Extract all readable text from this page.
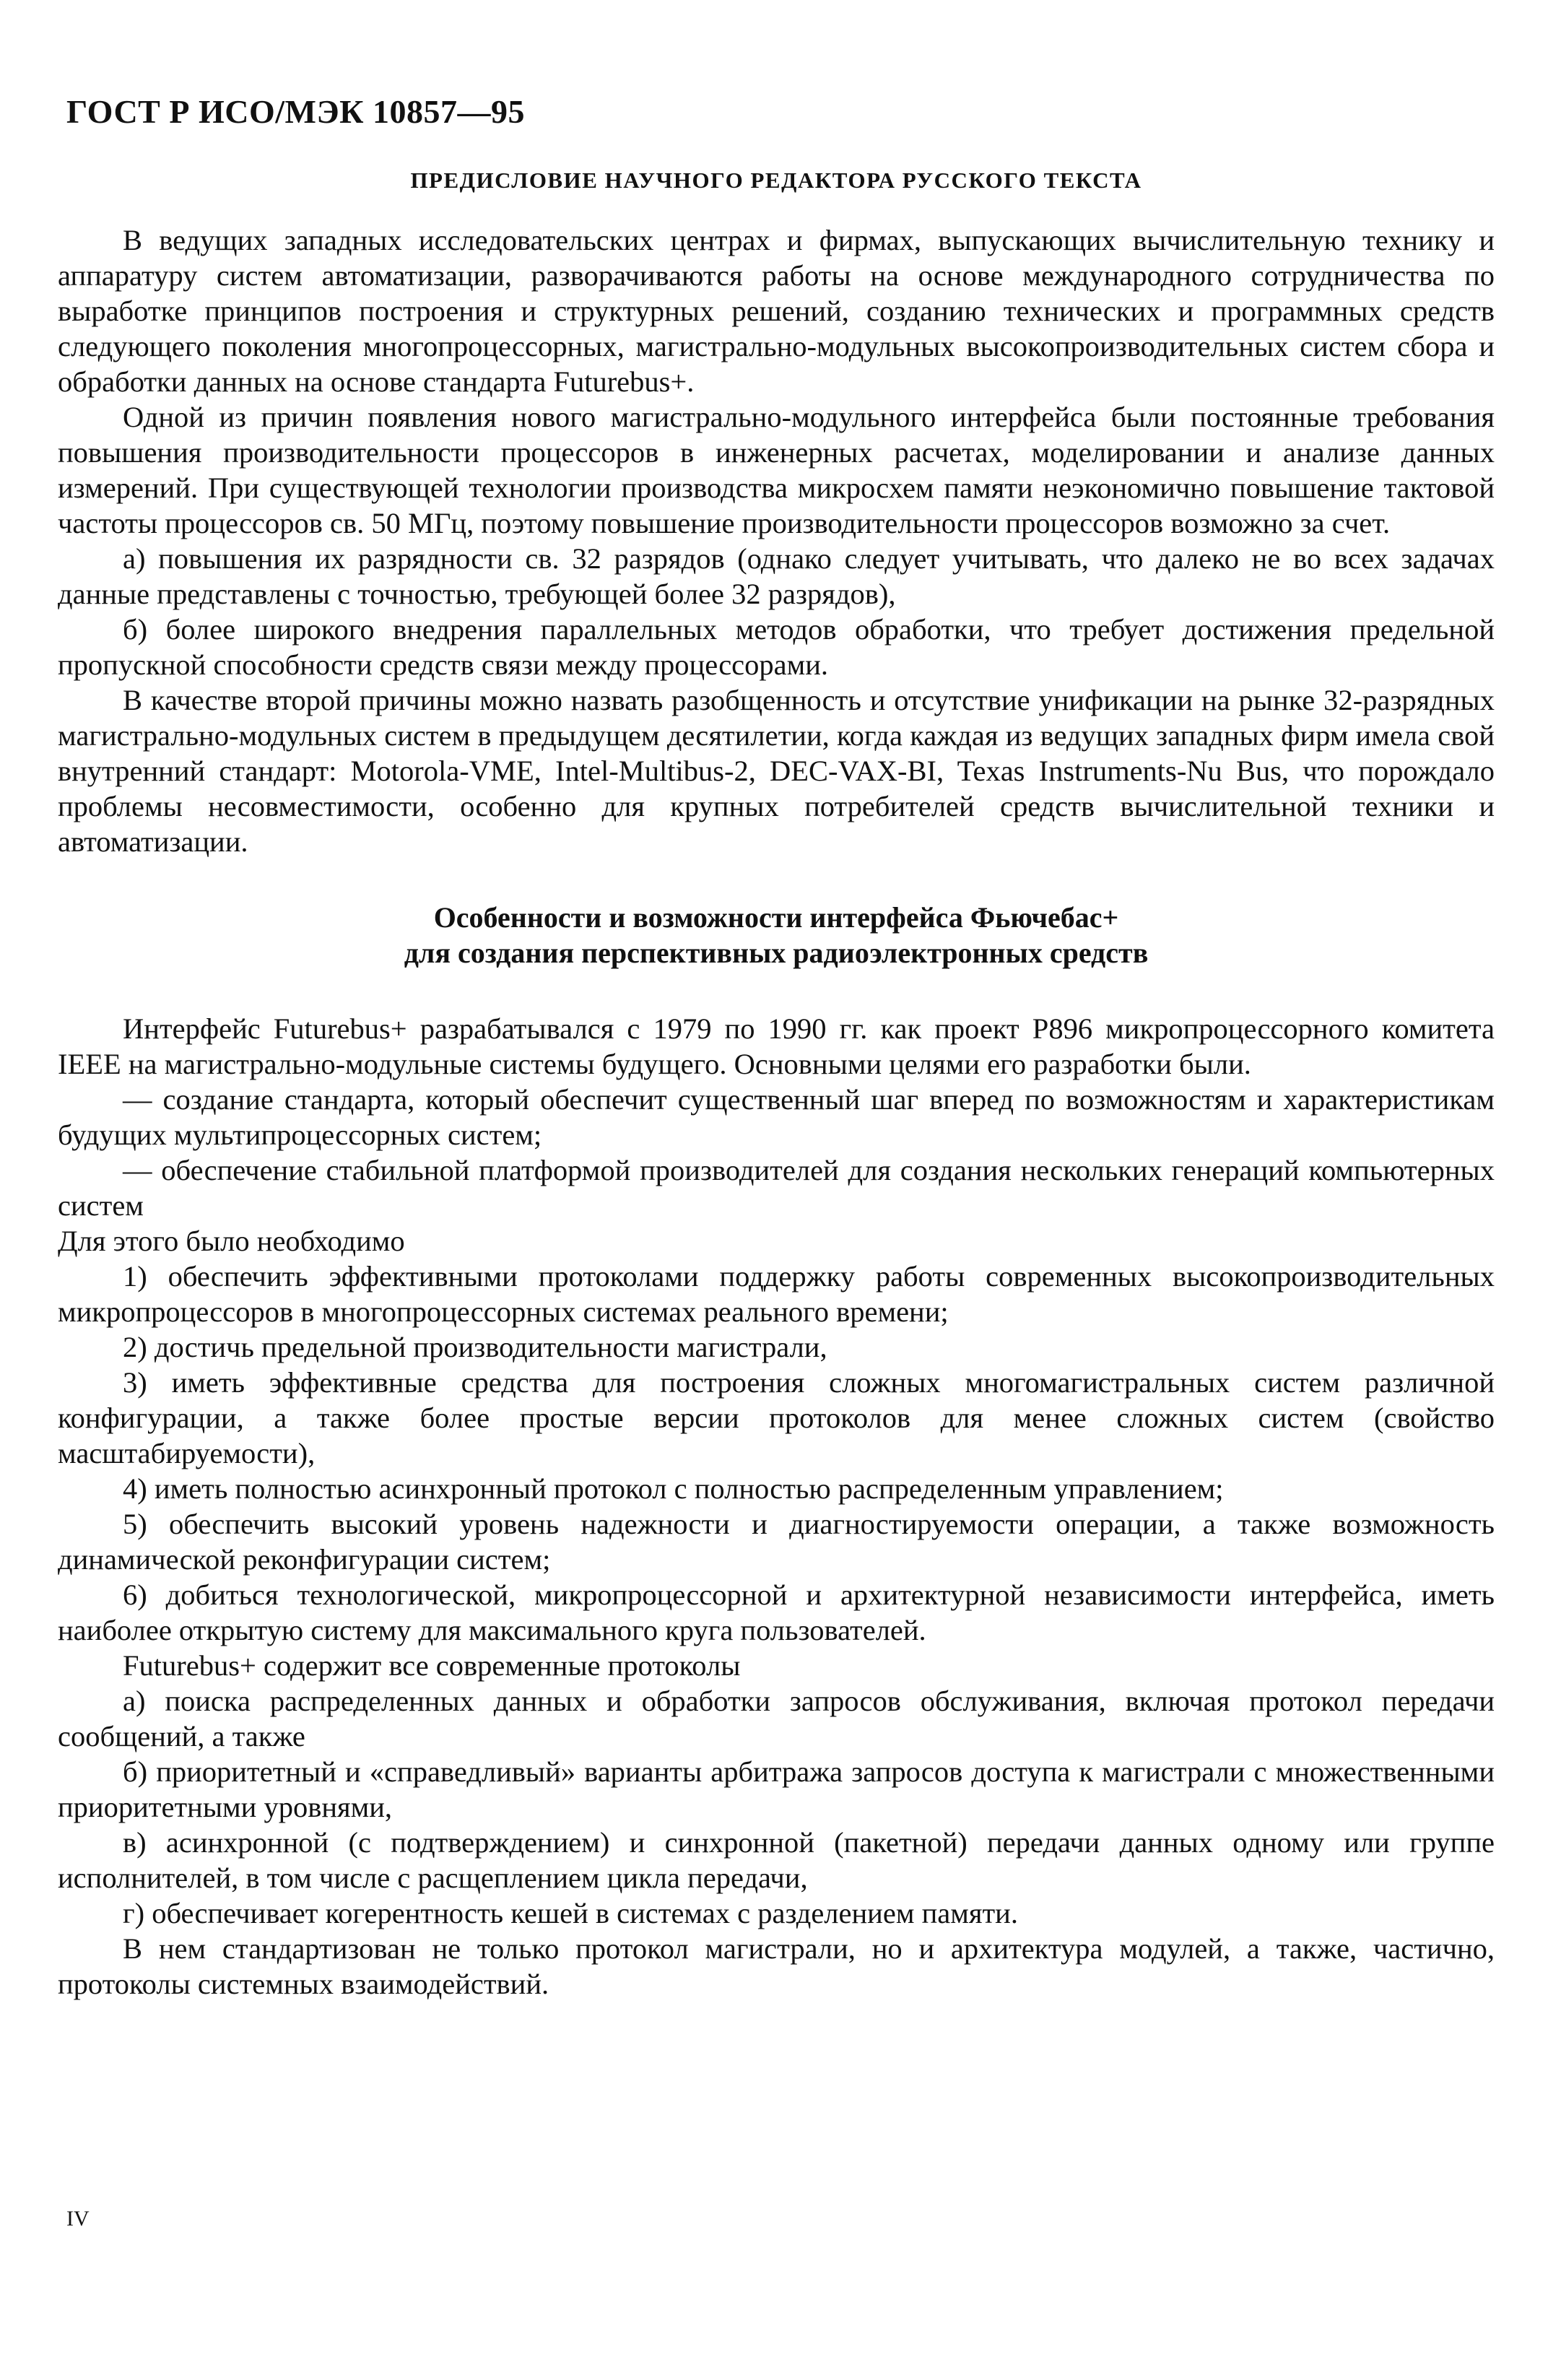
ГОСТ Р ИСО/МЭК 10857—95
ПРЕДИСЛОВИЕ НАУЧНОГО РЕДАКТОРА РУССКОГО ТЕКСТА

В ведущих западных исследовательских центрах и фирмах, выпускающих вычислительную технику и аппаратуру систем автоматизации, разворачиваются работы на основе международного сотрудничества по выработке принципов построения и структурных решений, созданию технических и программных средств следующего поколения многопроцессорных, магистрально-модульных высокопроизводительных систем сбора и обработки данных на основе стандарта Futurebus+.

Одной из причин появления нового магистрально-модульного интерфейса были постоянные требования повышения производительности процессоров в инженерных расчетах, моделировании и анализе данных измерений. При существующей технологии производства микросхем памяти неэкономично повышение тактовой частоты процессоров св. 50 МГц, поэтому повышение производительности процессоров возможно за счет.

а) повышения их разрядности св. 32 разрядов (однако следует учитывать, что далеко не во всех задачах данные представлены с точностью, требующей более 32 разрядов),

б) более широкого внедрения параллельных методов обработки, что требует достижения предельной пропускной способности средств связи между процессорами.

В качестве второй причины можно назвать разобщенность и отсутствие унификации на рынке 32-разрядных магистрально-модульных систем в предыдущем десятилетии, когда каждая из ведущих западных фирм имела свой внутренний стандарт: Motorola-VME, Intel-Multibus-2, DEC-VAX-BI, Texas Instruments-Nu Bus, что порождало проблемы несовместимости, особенно для крупных потребителей средств вычислительной техники и автоматизации.

Особенности и возможности интерфейса Фьючебас+
для создания перспективных радиоэлектронных средств

Интерфейс Futurebus+ разрабатывался с 1979 по 1990 гг. как проект P896 микропроцессорного комитета IEEE на магистрально-модульные системы будущего. Основными целями его разработки были.

— создание стандарта, который обеспечит существенный шаг вперед по возможностям и характеристикам будущих мультипроцессорных систем;

— обеспечение стабильной платформой производителей для создания нескольких генераций компьютерных систем

Для этого было необходимо

1) обеспечить эффективными протоколами поддержку работы современных высокопроизводительных микропроцессоров в многопроцессорных системах реального времени;

2) достичь предельной производительности магистрали,

3) иметь эффективные средства для построения сложных многомагистральных систем различной конфигурации, а также более простые версии протоколов для менее сложных систем (свойство масштабируемости),

4) иметь полностью асинхронный протокол с полностью распределенным управлением;

5) обеспечить высокий уровень надежности и диагностируемости операции, а также возможность динамической реконфигурации систем;

6) добиться технологической, микропроцессорной и архитектурной независимости интерфейса, иметь наиболее открытую систему для максимального круга пользователей.

Futurebus+ содержит все современные протоколы

а) поиска распределенных данных и обработки запросов обслуживания, включая протокол передачи сообщений, а также

б) приоритетный и «справедливый» варианты арбитража запросов доступа к магистрали с множественными приоритетными уровнями,

в) асинхронной (с подтверждением) и синхронной (пакетной) передачи данных одному или группе исполнителей, в том числе с расщеплением цикла передачи,

г) обеспечивает когерентность кешей в системах с разделением памяти.

В нем стандартизован не только протокол магистрали, но и архитектура модулей, а также, частично, протоколы системных взаимодействий.

IV
